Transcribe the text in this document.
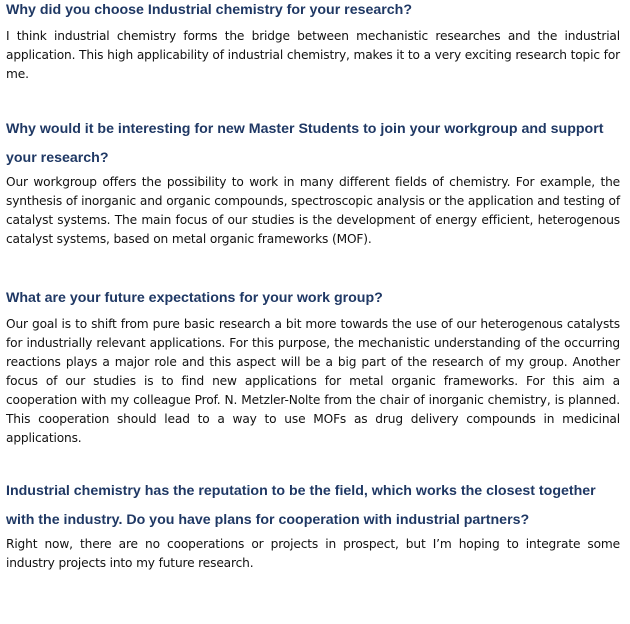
Why did you choose Industrial chemistry for your research?

I think industrial chemistry forms the bridge between mechanistic researches and the industrial application. This high applicability of industrial chemistry, makes it to a very exciting research topic for me.

Why would it be interesting for new Master Students to join your workgroup and support your research?

Our workgroup offers the possibility to work in many different fields of chemistry. For example, the synthesis of inorganic and organic compounds, spectroscopic analysis or the application and testing of catalyst systems. The main focus of our studies is the development of energy efficient, heterogenous catalyst systems, based on metal organic frameworks (MOF).

What are your future expectations for your work group?

Our goal is to shift from pure basic research a bit more towards the use of our heterogenous catalysts for industrially relevant applications. For this purpose, the mechanistic understanding of the occurring reactions plays a major role and this aspect will be a big part of the research of my group. Another focus of our studies is to find new applications for metal organic frameworks. For this aim a cooperation with my colleague Prof. N. Metzler-Nolte from the chair of inorganic chemistry, is planned. This cooperation should lead to a way to use MOFs as drug delivery compounds in medicinal applications.

Industrial chemistry has the reputation to be the field, which works the closest together with the industry. Do you have plans for cooperation with industrial partners?

Right now, there are no cooperations or projects in prospect, but I’m hoping to integrate some industry projects into my future research.
